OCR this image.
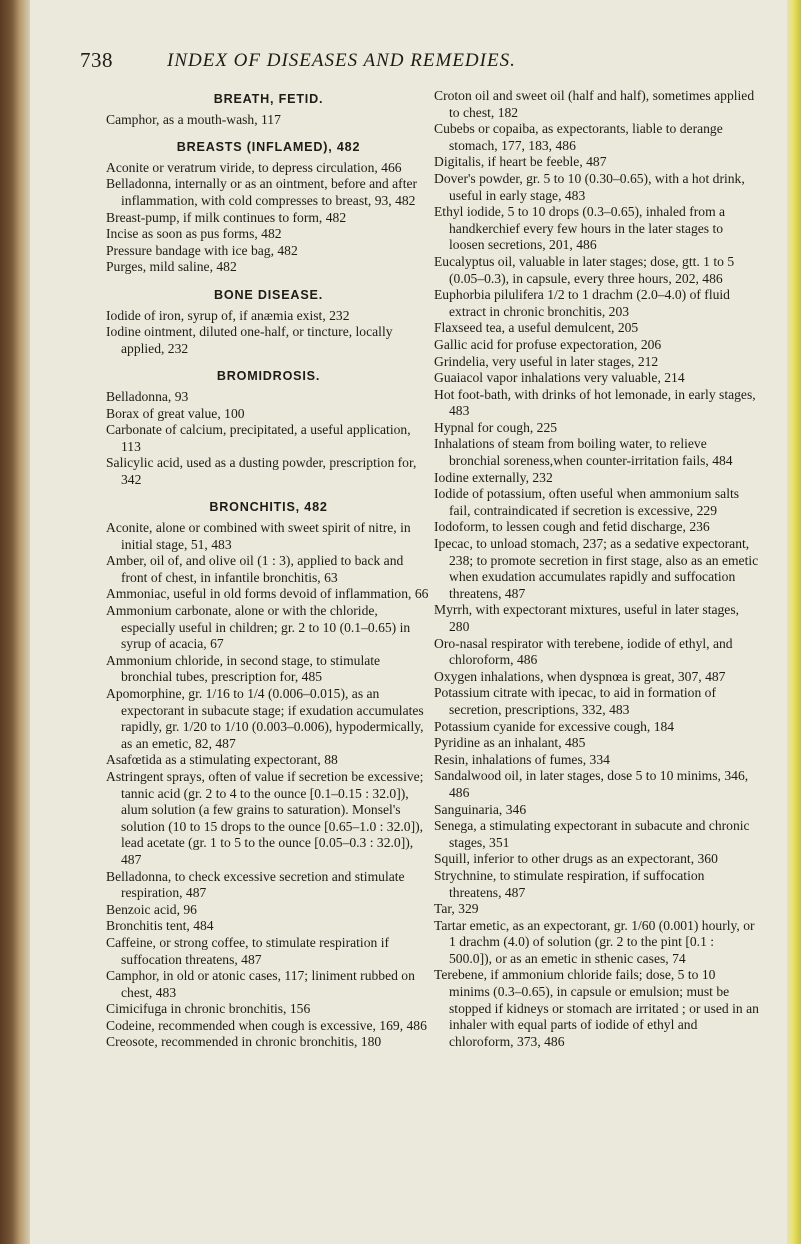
738	INDEX OF DISEASES AND REMEDIES.
BREATH, FETID.

Camphor, as a mouth-wash, 117

BREASTS (INFLAMED), 482

Aconite or veratrum viride, to depress circulation, 466

Belladonna, internally or as an ointment, before and after inflammation, with cold compresses to breast, 93, 482

Breast-pump, if milk continues to form, 482

Incise as soon as pus forms, 482

Pressure bandage with ice bag, 482

Purges, mild saline, 482

BONE DISEASE.

Iodide of iron, syrup of, if anæmia exist, 232

Iodine ointment, diluted one-half, or tincture, locally applied, 232

BROMIDROSIS.

Belladonna, 93

Borax of great value, 100

Carbonate of calcium, precipitated, a useful application, 113

Salicylic acid, used as a dusting powder, prescription for, 342

BRONCHITIS, 482

Aconite, alone or combined with sweet spirit of nitre, in initial stage, 51, 483

Amber, oil of, and olive oil (1 : 3), applied to back and front of chest, in infantile bronchitis, 63

Ammoniac, useful in old forms devoid of inflammation, 66

Ammonium carbonate, alone or with the chloride, especially useful in children; gr. 2 to 10 (0.1–0.65) in syrup of acacia, 67

Ammonium chloride, in second stage, to stimulate bronchial tubes, prescription for, 485

Apomorphine, gr. 1/16 to 1/4 (0.006–0.015), as an expectorant in subacute stage; if exudation accumulates rapidly, gr. 1/20 to 1/10 (0.003–0.006), hypodermically, as an emetic, 82, 487

Asafœtida as a stimulating expectorant, 88

Astringent sprays, often of value if secretion be excessive; tannic acid (gr. 2 to 4 to the ounce [0.1–0.15 : 32.0]), alum solution (a few grains to saturation). Monsel's solution (10 to 15 drops to the ounce [0.65–1.0 : 32.0]), lead acetate (gr. 1 to 5 to the ounce [0.05–0.3 : 32.0]), 487

Belladonna, to check excessive secretion and stimulate respiration, 487

Benzoic acid, 96

Bronchitis tent, 484

Caffeine, or strong coffee, to stimulate respiration if suffocation threatens, 487

Camphor, in old or atonic cases, 117; liniment rubbed on chest, 483

Cimicifuga in chronic bronchitis, 156

Codeine, recommended when cough is excessive, 169, 486

Creosote, recommended in chronic bronchitis, 180

Croton oil and sweet oil (half and half), sometimes applied to chest, 182

Cubebs or copaiba, as expectorants, liable to derange stomach, 177, 183, 486

Digitalis, if heart be feeble, 487

Dover's powder, gr. 5 to 10 (0.30–0.65), with a hot drink, useful in early stage, 483

Ethyl iodide, 5 to 10 drops (0.3–0.65), inhaled from a handkerchief every few hours in the later stages to loosen secretions, 201, 486

Eucalyptus oil, valuable in later stages; dose, gtt. 1 to 5 (0.05–0.3), in capsule, every three hours, 202, 486

Euphorbia pilulifera 1/2 to 1 drachm (2.0–4.0) of fluid extract in chronic bronchitis, 203

Flaxseed tea, a useful demulcent, 205

Gallic acid for profuse expectoration, 206

Grindelia, very useful in later stages, 212

Guaiacol vapor inhalations very valuable, 214

Hot foot-bath, with drinks of hot lemonade, in early stages, 483

Hypnal for cough, 225

Inhalations of steam from boiling water, to relieve bronchial soreness,when counter-irritation fails, 484

Iodine externally, 232

Iodide of potassium, often useful when ammonium salts fail, contraindicated if secretion is excessive, 229

Iodoform, to lessen cough and fetid discharge, 236

Ipecac, to unload stomach, 237; as a sedative expectorant, 238; to promote secretion in first stage, also as an emetic when exudation accumulates rapidly and suffocation threatens, 487

Myrrh, with expectorant mixtures, useful in later stages, 280

Oro-nasal respirator with terebene, iodide of ethyl, and chloroform, 486

Oxygen inhalations, when dyspnœa is great, 307, 487

Potassium citrate with ipecac, to aid in formation of secretion, prescriptions, 332, 483

Potassium cyanide for excessive cough, 184

Pyridine as an inhalant, 485

Resin, inhalations of fumes, 334

Sandalwood oil, in later stages, dose 5 to 10 minims, 346, 486

Sanguinaria, 346

Senega, a stimulating expectorant in subacute and chronic stages, 351

Squill, inferior to other drugs as an expectorant, 360

Strychnine, to stimulate respiration, if suffocation threatens, 487

Tar, 329

Tartar emetic, as an expectorant, gr. 1/60 (0.001) hourly, or 1 drachm (4.0) of solution (gr. 2 to the pint [0.1 : 500.0]), or as an emetic in sthenic cases, 74

Terebene, if ammonium chloride fails; dose, 5 to 10 minims (0.3–0.65), in capsule or emulsion; must be stopped if kidneys or stomach are irritated ; or used in an inhaler with equal parts of iodide of ethyl and chloroform, 373, 486
